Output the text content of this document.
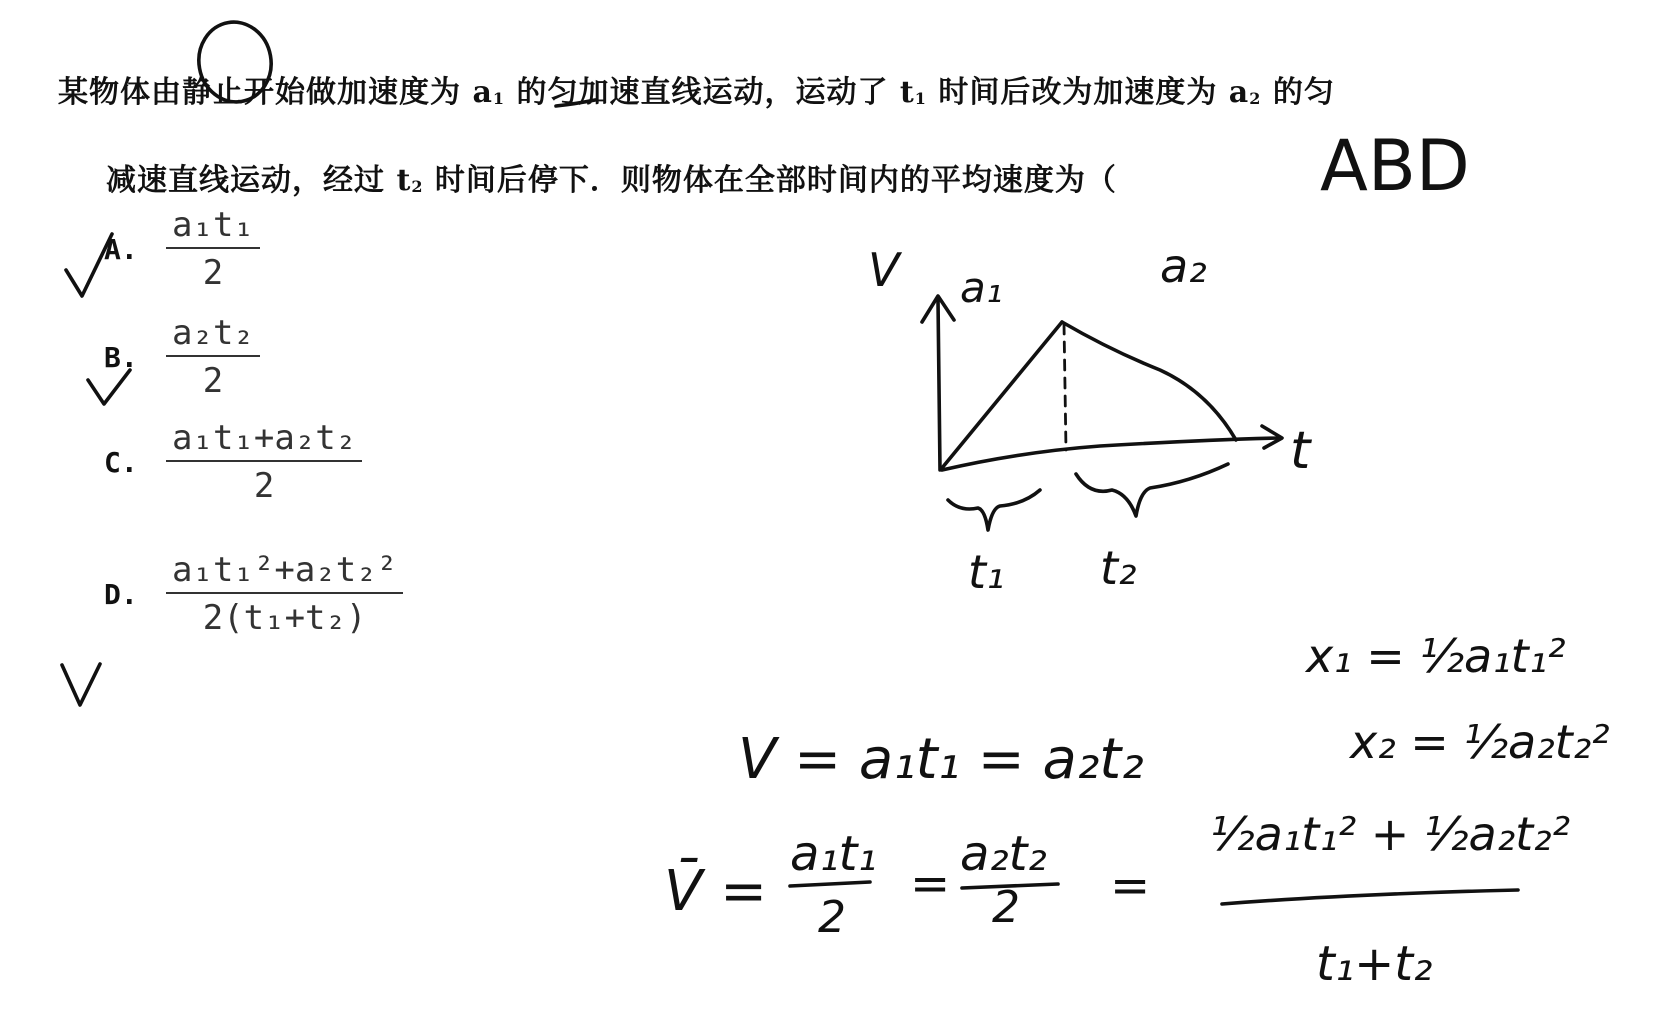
某物体由静止开始做加速度为 $a_1$ 的匀加速直线运动，运动了 $t_1$ 时间后改为加速度为 $a_2$ 的匀
减速直线运动，经过 $t_2$ 时间后停下．则物体在全部时间内的平均速度为（
A. $\frac{\text{a₁t₁}}{2}$
B. $\frac{\text{a₂t₂}}{2}$
C. $\frac{\text{a₁t₁+a₂t₂}}{2}$
D. $\frac{\text{a₁t₁²+a₂t₂²}}{\text{2(t₁+t₂)}}$
ABD
V a₁	a₂
t
t₁ t₂
x₁ = ½a₁t₁²
x₂ = ½a₂t₂²
V = a₁t₁ = a₂t₂
V̄ =
a₁t₁
2
=
a₂t₂
2 =
½a₁t₁² + ½a₂t₂²
t₁+t₂
